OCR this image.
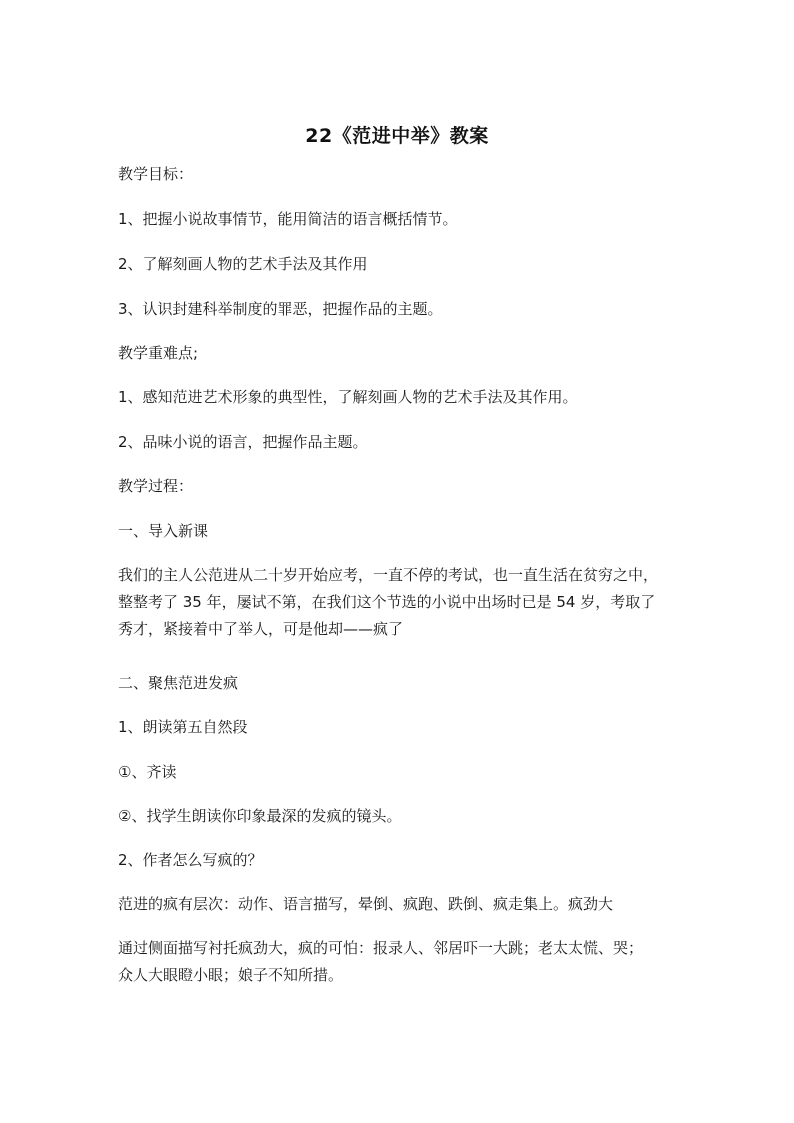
22《范进中举》教案
教学目标：
1、把握小说故事情节，能用简洁的语言概括情节。
2、了解刻画人物的艺术手法及其作用
3、认识封建科举制度的罪恶，把握作品的主题。
教学重难点;
1、感知范进艺术形象的典型性，了解刻画人物的艺术手法及其作用。
2、品味小说的语言，把握作品主题。
教学过程：
一、导入新课
我们的主人公范进从二十岁开始应考，一直不停的考试，也一直生活在贫穷之中，
整整考了 35 年，屡试不第，在我们这个节选的小说中出场时已是 54 岁，考取了
秀才，紧接着中了举人，可是他却——疯了
二、聚焦范进发疯
1、朗读第五自然段
①、齐读
②、找学生朗读你印象最深的发疯的镜头。
2、作者怎么写疯的？
范进的疯有层次：动作、语言描写，晕倒、疯跑、跌倒、疯走集上。疯劲大
通过侧面描写衬托疯劲大，疯的可怕：报录人、邻居吓一大跳；老太太慌、哭；
众人大眼瞪小眼；娘子不知所措。
